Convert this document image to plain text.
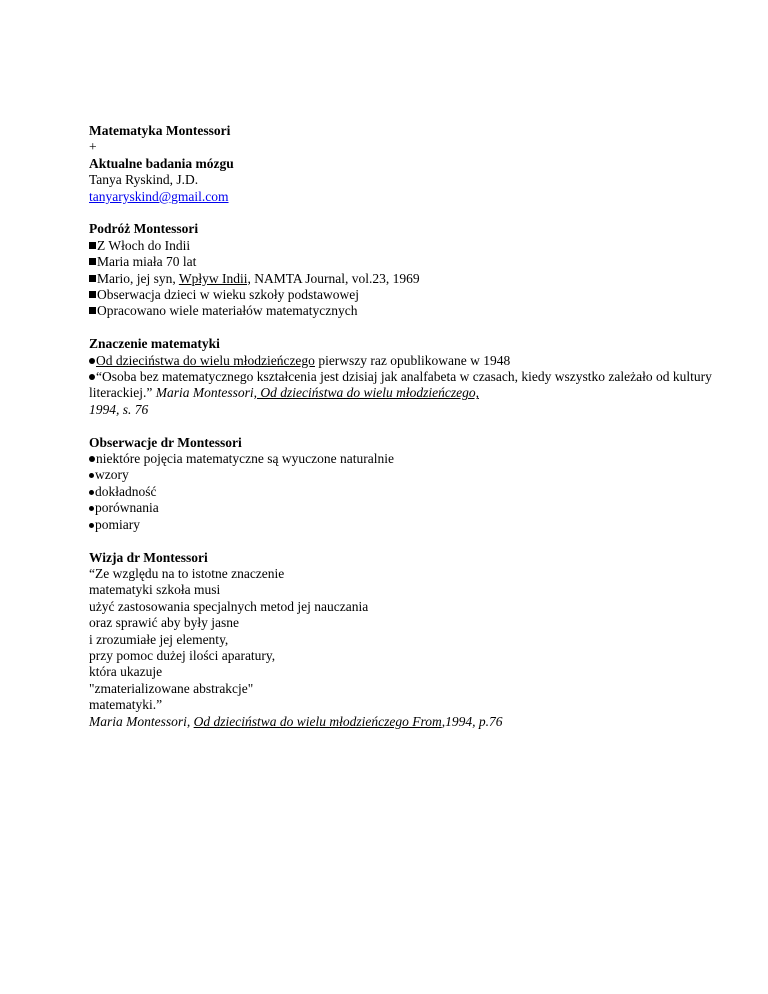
Matematyka Montessori
+
Aktualne badania mózgu
Tanya Ryskind, J.D.
tanyaryskind@gmail.com
Podróż Montessori
Z Włoch do Indii
Maria miała 70 lat
Mario, jej syn, Wpływ Indii, NAMTA Journal, vol.23, 1969
Obserwacja dzieci w wieku szkoły podstawowej
Opracowano wiele materiałów matematycznych
Znaczenie matematyki
Od dzieciństwa do wielu młodzieńczego pierwszy raz opublikowane w 1948
“Osoba bez matematycznego kształcenia jest dzisiaj jak analfabeta w czasach, kiedy wszystko zależało od kultury literackiej.” Maria Montessori, Od dzieciństwa do wielu młodzieńczego,
1994, s. 76
Obserwacje dr Montessori
niektóre pojęcia matematyczne są wyuczone naturalnie
wzory
dokładność
porównania
pomiary
Wizja dr Montessori
“Ze względu na to istotne znaczenie
matematyki szkoła musi
użyć zastosowania specjalnych metod jej nauczania
oraz sprawić aby były jasne
i zrozumiałe jej elementy,
przy pomoc dużej ilości aparatury,
która ukazuje
"zmaterializowane abstrakcje"
matematyki.”
Maria Montessori, Od dzieciństwa do wielu młodzieńczego From,1994, p.76
